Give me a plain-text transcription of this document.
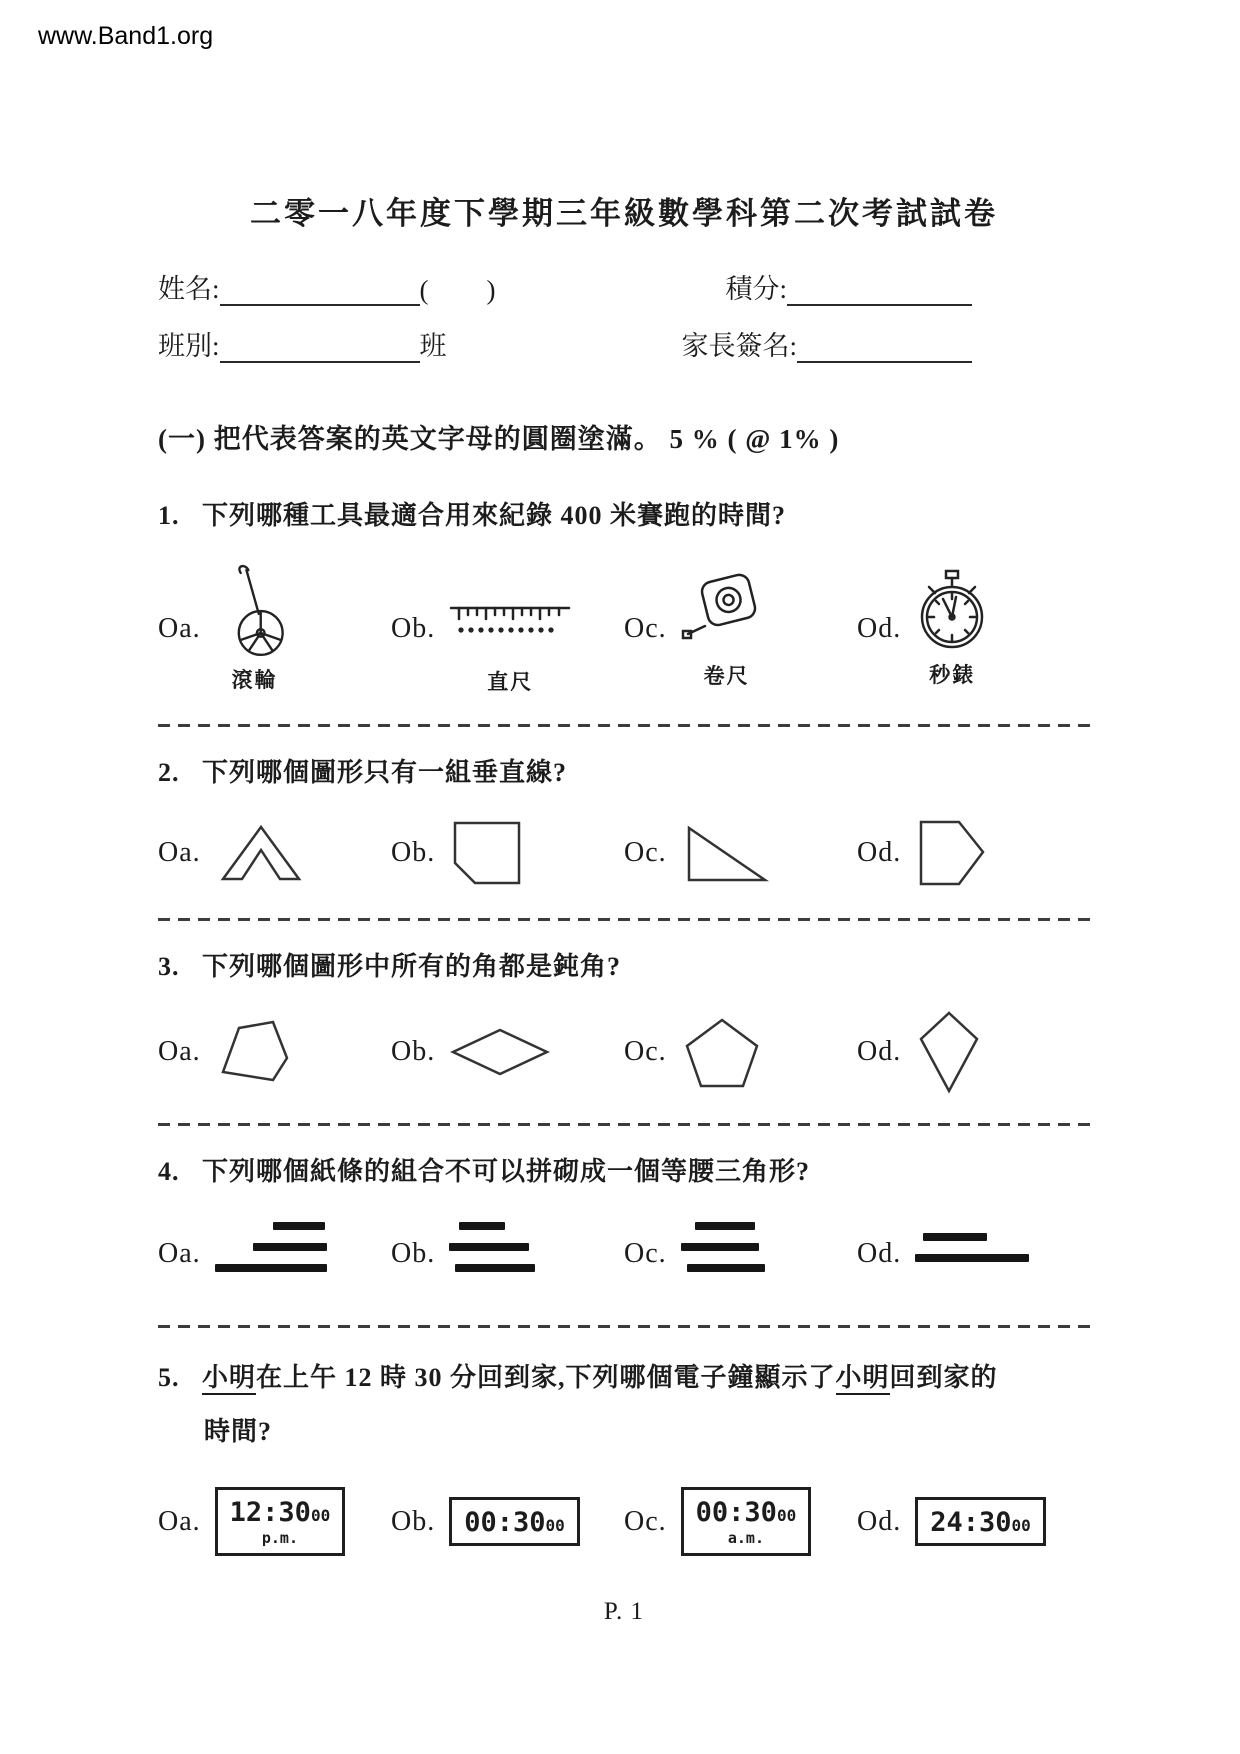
www.Band1.org
二零一八年度下學期三年級數學科第二次考試試卷
姓名:	( )	積分:
班別:	班	家長簽名:
(一) 把代表答案的英文字母的圓圈塗滿。 5 % ( @ 1% )
1. 下列哪種工具最適合用來紀錄 400 米賽跑的時間?
Oa.
滾輪
Ob.
直尺
Oc.
卷尺
Od.
秒錶
2. 下列哪個圖形只有一組垂直線?
Oa.	Ob.	Oc.	Od.
3. 下列哪個圖形中所有的角都是鈍角?
Oa.	Ob.	Oc.	Od.
4. 下列哪個紙條的組合不可以拼砌成一個等腰三角形?
Oa.	Ob.	Oc.	Od.
5. 小明在上午 12 時 30 分回到家,下列哪個電子鐘顯示了小明回到家的
時間?
Oa.	12:3000
p.m.
Ob.	00:3000	Oc.	00:3000
a.m.
Od.	24:3000
P. 1
